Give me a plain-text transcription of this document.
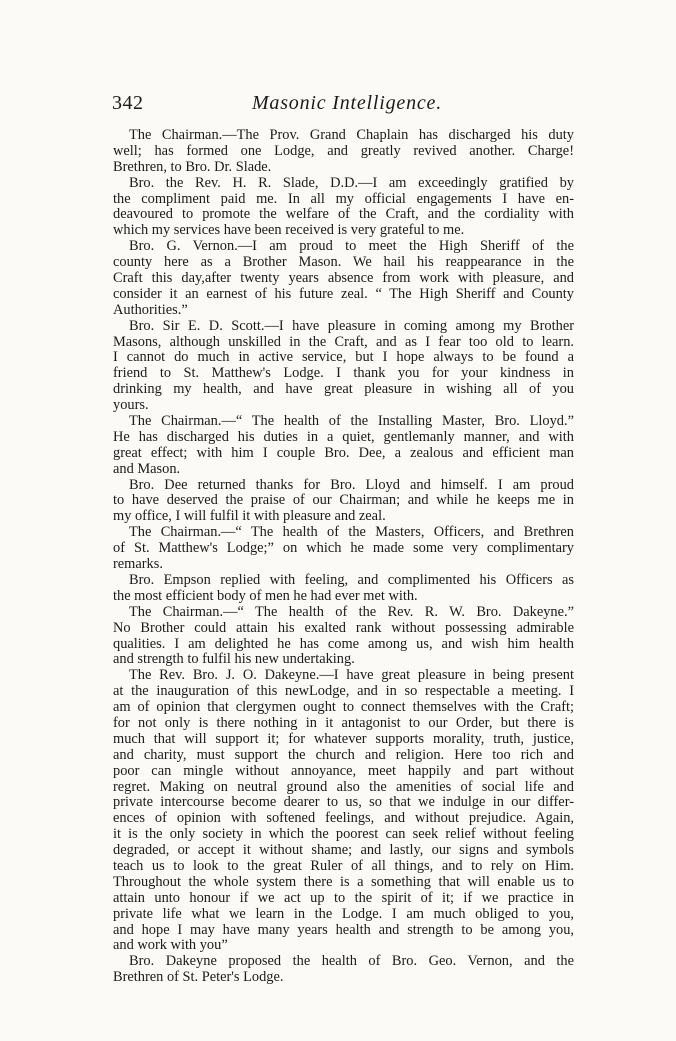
342	Masonic Intelligence.
The Chairman.—The Prov. Grand Chaplain has discharged his duty
well; has formed one Lodge, and greatly revived another. Charge!
Brethren, to Bro. Dr. Slade.
Bro. the Rev. H. R. Slade, D.D.—I am exceedingly gratified by
the compliment paid me. In all my official engagements I have en-
deavoured to promote the welfare of the Craft, and the cordiality with
which my services have been received is very grateful to me.
Bro. G. Vernon.—I am proud to meet the High Sheriff of the
county here as a Brother Mason. We hail his reappearance in the
Craft this day,after twenty years absence from work with pleasure, and
consider it an earnest of his future zeal. “ The High Sheriff and County
Authorities.”
Bro. Sir E. D. Scott.—I have pleasure in coming among my Brother
Masons, although unskilled in the Craft, and as I fear too old to learn.
I cannot do much in active service, but I hope always to be found a
friend to St. Matthew's Lodge. I thank you for your kindness in
drinking my health, and have great pleasure in wishing all of you
yours.
The Chairman.—“ The health of the Installing Master, Bro. Lloyd.”
He has discharged his duties in a quiet, gentlemanly manner, and with
great effect; with him I couple Bro. Dee, a zealous and efficient man
and Mason.
Bro. Dee returned thanks for Bro. Lloyd and himself. I am proud
to have deserved the praise of our Chairman; and while he keeps me in
my office, I will fulfil it with pleasure and zeal.
The Chairman.—“ The health of the Masters, Officers, and Brethren
of St. Matthew's Lodge;” on which he made some very complimentary
remarks.
Bro. Empson replied with feeling, and complimented his Officers as
the most efficient body of men he had ever met with.
The Chairman.—“ The health of the Rev. R. W. Bro. Dakeyne.”
No Brother could attain his exalted rank without possessing admirable
qualities. I am delighted he has come among us, and wish him health
and strength to fulfil his new undertaking.
The Rev. Bro. J. O. Dakeyne.—I have great pleasure in being present
at the inauguration of this newLodge, and in so respectable a meeting. I
am of opinion that clergymen ought to connect themselves with the Craft;
for not only is there nothing in it antagonist to our Order, but there is
much that will support it; for whatever supports morality, truth, justice,
and charity, must support the church and religion. Here too rich and
poor can mingle without annoyance, meet happily and part without
regret. Making on neutral ground also the amenities of social life and
private intercourse become dearer to us, so that we indulge in our differ-
ences of opinion with softened feelings, and without prejudice. Again,
it is the only society in which the poorest can seek relief without feeling
degraded, or accept it without shame; and lastly, our signs and symbols
teach us to look to the great Ruler of all things, and to rely on Him.
Throughout the whole system there is a something that will enable us to
attain unto honour if we act up to the spirit of it; if we practice in
private life what we learn in the Lodge. I am much obliged to you,
and hope I may have many years health and strength to be among you,
and work with you”
Bro. Dakeyne proposed the health of Bro. Geo. Vernon, and the
Brethren of St. Peter's Lodge.
